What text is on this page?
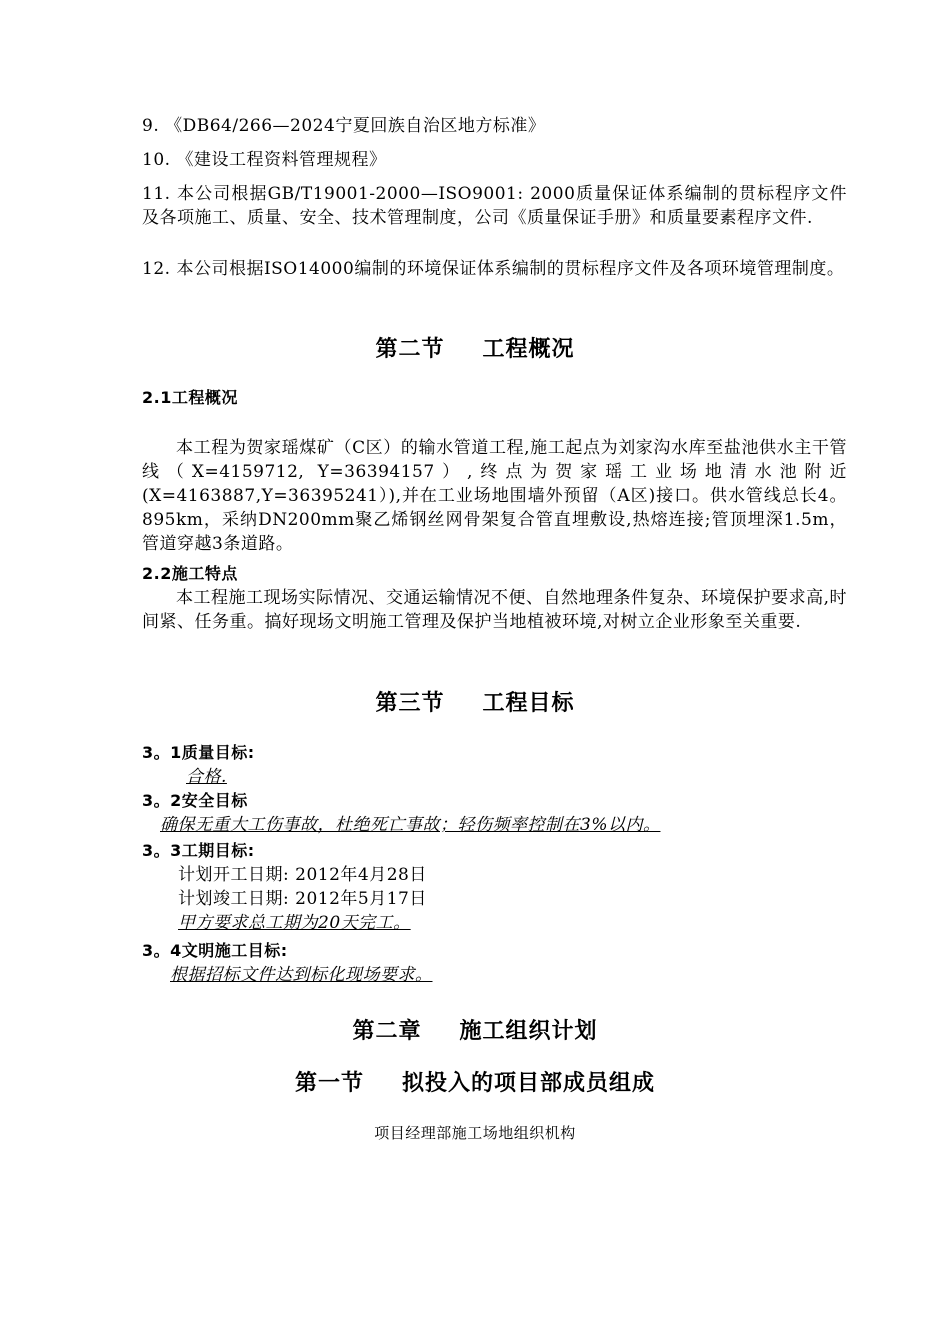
9. 《DB64/266—2024宁夏回族自治区地方标准》
10. 《建设工程资料管理规程》
11. 本公司根据GB/T19001-2000—ISO9001: 2000质量保证体系编制的贯标程序文件及各项施工、质量、安全、技术管理制度，公司《质量保证手册》和质量要素程序文件.
12. 本公司根据ISO14000编制的环境保证体系编制的贯标程序文件及各项环境管理制度。
第二节 工程概况
2.1工程概况
本工程为贺家瑶煤矿（C区）的输水管道工程,施工起点为刘家沟水库至盐池供水主干管线（X=4159712, Y=36394157）,终点为贺家瑶工业场地清水池附近(X=4163887,Y=36395241）),并在工业场地围墙外预留（A区)接口。供水管线总长4。895km，采纳DN200mm聚乙烯钢丝网骨架复合管直埋敷设,热熔连接;管顶埋深1.5m，管道穿越3条道路。
2.2施工特点
本工程施工现场实际情况、交通运输情况不便、自然地理条件复杂、环境保护要求高,时间紧、任务重。搞好现场文明施工管理及保护当地植被环境,对树立企业形象至关重要.
第三节 工程目标
3。1质量目标:
合格.
3。2安全目标
确保无重大工伤事故，杜绝死亡事故；轻伤频率控制在3%以内。
3。3工期目标:
计划开工日期: 2012年4月28日
计划竣工日期: 2012年5月17日
甲方要求总工期为20天完工。
3。4文明施工目标:
根据招标文件达到标化现场要求。
第二章 施工组织计划
第一节 拟投入的项目部成员组成
项目经理部施工场地组织机构
